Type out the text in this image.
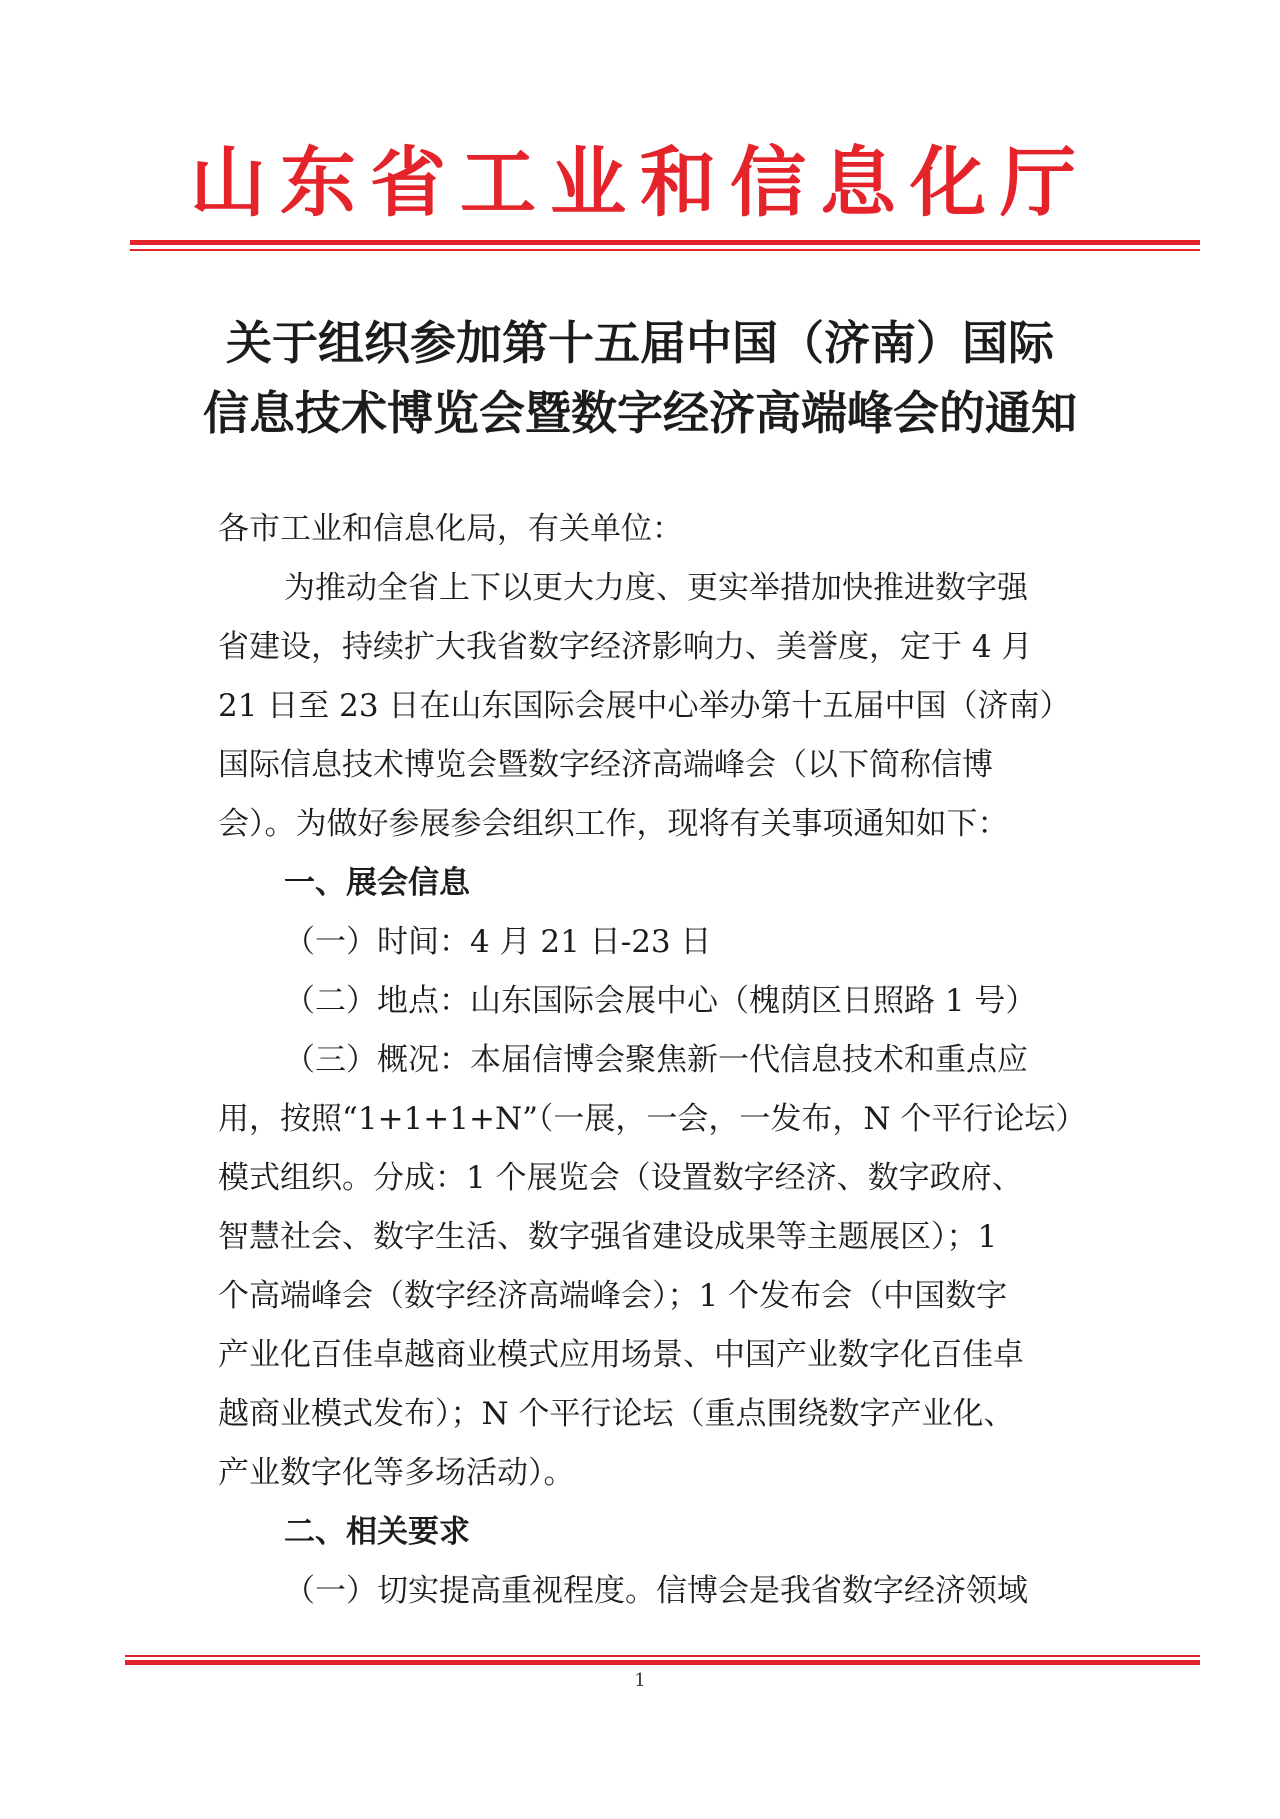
山东省工业和信息化厅
关于组织参加第十五届中国（济南）国际
信息技术博览会暨数字经济高端峰会的通知
各市工业和信息化局，有关单位：
为推动全省上下以更大力度、更实举措加快推进数字强
省建设，持续扩大我省数字经济影响力、美誉度，定于 4 月
21 日至 23 日在山东国际会展中心举办第十五届中国（济南）
国际信息技术博览会暨数字经济高端峰会（以下简称信博
会）。为做好参展参会组织工作，现将有关事项通知如下：
一、展会信息
（一）时间：4 月 21 日-23 日
（二）地点：山东国际会展中心（槐荫区日照路 1 号）
（三）概况：本届信博会聚焦新一代信息技术和重点应
用，按照“1+1+1+N”（一展，一会，一发布，N 个平行论坛）
模式组织。分成：1 个展览会（设置数字经济、数字政府、
智慧社会、数字生活、数字强省建设成果等主题展区）；1
个高端峰会（数字经济高端峰会）；1 个发布会（中国数字
产业化百佳卓越商业模式应用场景、中国产业数字化百佳卓
越商业模式发布）；N 个平行论坛（重点围绕数字产业化、
产业数字化等多场活动）。
二、相关要求
（一）切实提高重视程度。信博会是我省数字经济领域
1
